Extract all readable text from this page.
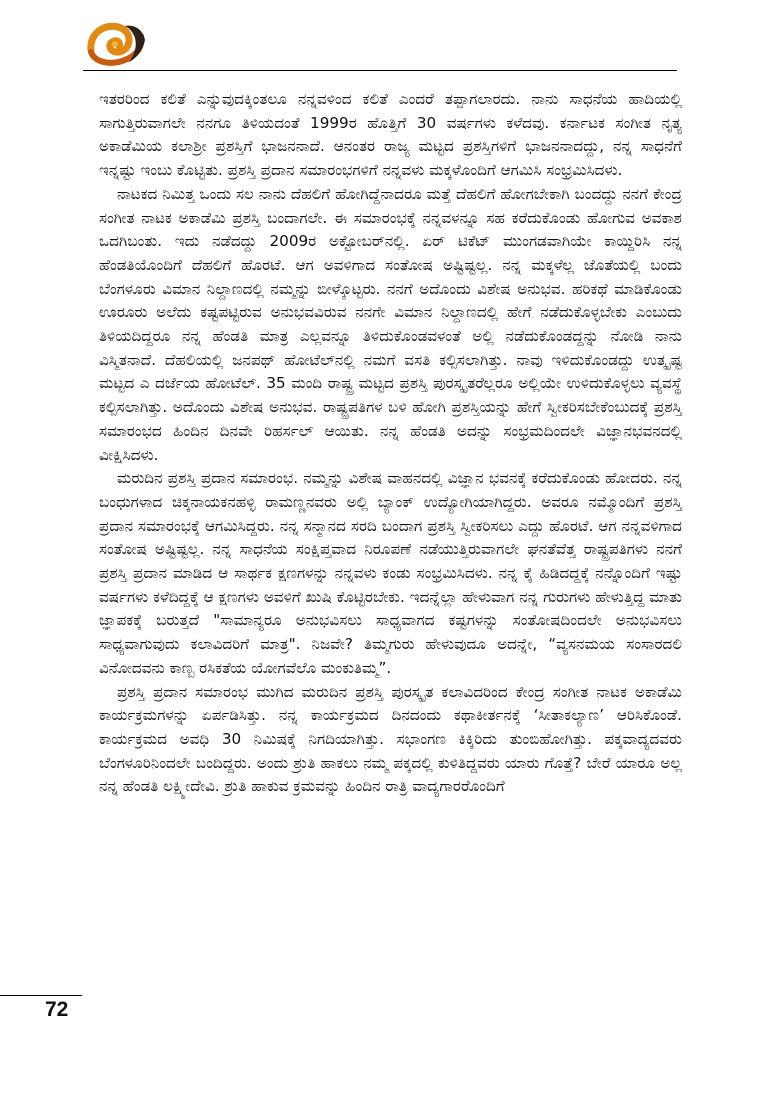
ಇತರರಿಂದ ಕಲಿತೆ ಎನ್ನುವುದಕ್ಕಿಂತಲೂ ನನ್ನವಳಿಂದ ಕಲಿತೆ ಎಂದರೆ ತಪ್ಪಾಗಲಾರದು. ನಾನು ಸಾಧನೆಯ ಹಾದಿಯಲ್ಲಿ ಸಾಗುತ್ತಿರುವಾಗಲೇ ನನಗೂ ತಿಳಿಯದಂತೆ 1999ರ ಹೊತ್ತಿಗೆ 30 ವರ್ಷಗಳು ಕಳೆದವು. ಕರ್ನಾಟಕ ಸಂಗೀತ ನೃತ್ಯ ಅಕಾಡೆಮಿಯ ಕಲಾಶ್ರೀ ಪ್ರಶಸ್ತಿಗೆ ಭಾಜನನಾದೆ. ಆನಂತರ ರಾಜ್ಯ ಮಟ್ಟದ ಪ್ರಶಸ್ತಿಗಳಿಗೆ ಭಾಜನನಾದದ್ದು, ನನ್ನ ಸಾಧನೆಗೆ ಇನ್ನಷ್ಟು ಇಂಬು ಕೊಟ್ಟಿತು. ಪ್ರಶಸ್ತಿ ಪ್ರದಾನ ಸಮಾರಂಭಗಳಿಗೆ ನನ್ನವಳು ಮಕ್ಕಳೊಂದಿಗೆ ಆಗಮಿಸಿ ಸಂಭ್ರಮಿಸಿದಳು.

ನಾಟಕದ ನಿಮಿತ್ತ ಒಂದು ಸಲ ನಾನು ದೆಹಲಿಗೆ ಹೋಗಿದ್ದೆನಾದರೂ ಮತ್ತೆ ದೆಹಲಿಗೆ ಹೋಗಬೇಕಾಗಿ ಬಂದದ್ದು ನನಗೆ ಕೇಂದ್ರ ಸಂಗೀತ ನಾಟಕ ಅಕಾಡೆಮಿ ಪ್ರಶಸ್ತಿ ಬಂದಾಗಲೇ. ಈ ಸಮಾರಂಭಕ್ಕೆ ನನ್ನವಳನ್ನೂ ಸಹ ಕರೆದುಕೊಂಡು ಹೋಗುವ ಅವಕಾಶ ಒದಗಿಬಂತು. ಇದು ನಡೆದದ್ದು 2009ರ ಅಕ್ಟೋಬರ್‌ನಲ್ಲಿ. ಏರ್ ಟಿಕೆಟ್ ಮುಂಗಡವಾಗಿಯೇ ಕಾಯ್ದಿರಿಸಿ ನನ್ನ ಹೆಂಡತಿಯೊಂದಿಗೆ ದೆಹಲಿಗೆ ಹೊರಟೆ. ಆಗ ಅವಳಿಗಾದ ಸಂತೋಷ ಅಷ್ಟಿಷ್ಟಲ್ಲ. ನನ್ನ ಮಕ್ಕಳೆಲ್ಲ ಜೊತೆಯಲ್ಲಿ ಬಂದು ಬೆಂಗಳೂರು ವಿಮಾನ ನಿಲ್ದಾಣದಲ್ಲಿ ನಮ್ಮನ್ನು ಬೀಳ್ಕೊಟ್ಟರು. ನನಗೆ ಅದೊಂದು ವಿಶೇಷ ಅನುಭವ. ಹರಿಕಥೆ ಮಾಡಿಕೊಂಡು ಊರೂರು ಅಲೆದು ಕಷ್ಟಪಟ್ಟಿರುವ ಅನುಭವವಿರುವ ನನಗೇ ವಿಮಾನ ನಿಲ್ದಾಣದಲ್ಲಿ ಹೇಗೆ ನಡೆದುಕೊಳ್ಳಬೇಕು ಎಂಬುದು ತಿಳಿಯದಿದ್ದರೂ ನನ್ನ ಹೆಂಡತಿ ಮಾತ್ರ ಎಲ್ಲವನ್ನೂ ತಿಳಿದುಕೊಂಡವಳಂತೆ ಅಲ್ಲಿ ನಡೆದುಕೊಂಡದ್ದನ್ನು ನೋಡಿ ನಾನು ವಿಸ್ಮಿತನಾದೆ. ದೆಹಲಿಯಲ್ಲಿ ಜನಪಥ್ ಹೋಟೆಲ್‌ನಲ್ಲಿ ನಮಗೆ ವಸತಿ ಕಲ್ಪಿಸಲಾಗಿತ್ತು. ನಾವು ಇಳಿದುಕೊಂಡದ್ದು ಉತ್ಕೃಷ್ಟ ಮಟ್ಟದ ಎ ದರ್ಜೆಯ ಹೋಟೆಲ್. 35 ಮಂದಿ ರಾಷ್ಟ್ರ ಮಟ್ಟದ ಪ್ರಶಸ್ತಿ ಪುರಸ್ಕೃತರೆಲ್ಲರೂ ಅಲ್ಲಿಯೇ ಉಳಿದುಕೊಳ್ಳಲು ವ್ಯವಸ್ಥೆ ಕಲ್ಪಿಸಲಾಗಿತ್ತು. ಅದೊಂದು ವಿಶೇಷ ಅನುಭವ. ರಾಷ್ಟ್ರಪತಿಗಳ ಬಳಿ ಹೋಗಿ ಪ್ರಶಸ್ತಿಯನ್ನು ಹೇಗೆ ಸ್ವೀಕರಿಸಬೇಕೆಂಬುದಕ್ಕೆ ಪ್ರಶಸ್ತಿ ಸಮಾರಂಭದ ಹಿಂದಿನ ದಿನವೇ ರಿಹರ್ಸಲ್ ಆಯಿತು. ನನ್ನ ಹೆಂಡತಿ ಅದನ್ನು ಸಂಭ್ರಮದಿಂದಲೇ ವಿಜ್ಞಾನಭವನದಲ್ಲಿ ವೀಕ್ಷಿಸಿದಳು.

ಮರುದಿನ ಪ್ರಶಸ್ತಿ ಪ್ರದಾನ ಸಮಾರಂಭ. ನಮ್ಮನ್ನು ವಿಶೇಷ ವಾಹನದಲ್ಲಿ ವಿಜ್ಞಾನ ಭವನಕ್ಕೆ ಕರೆದುಕೊಂಡು ಹೋದರು. ನನ್ನ ಬಂಧುಗಳಾದ ಚಿಕ್ಕನಾಯಕನಹಳ್ಳಿ ರಾಮಣ್ಣನವರು ಅಲ್ಲಿ ಬ್ಯಾಂಕ್ ಉದ್ಯೋಗಿಯಾಗಿದ್ದರು. ಅವರೂ ನಮ್ಮೊಂದಿಗೆ ಪ್ರಶಸ್ತಿ ಪ್ರದಾನ ಸಮಾರಂಭಕ್ಕೆ ಆಗಮಿಸಿದ್ದರು. ನನ್ನ ಸನ್ಮಾನದ ಸರದಿ ಬಂದಾಗ ಪ್ರಶಸ್ತಿ ಸ್ವೀಕರಿಸಲು ಎದ್ದು ಹೊರಟೆ. ಆಗ ನನ್ನವಳಿಗಾದ ಸಂತೋಷ ಅಷ್ಟಿಷ್ಟಲ್ಲ. ನನ್ನ ಸಾಧನೆಯ ಸಂಕ್ಷಿಪ್ತವಾದ ನಿರೂಪಣೆ ನಡೆಯುತ್ತಿರುವಾಗಲೇ ಘನತೆವೆತ್ತ ರಾಷ್ಟ್ರಪತಿಗಳು ನನಗೆ ಪ್ರಶಸ್ತಿ ಪ್ರದಾನ ಮಾಡಿದ ಆ ಸಾರ್ಥಕ ಕ್ಷಣಗಳನ್ನು ನನ್ನವಳು ಕಂಡು ಸಂಭ್ರಮಿಸಿದಳು. ನನ್ನ ಕೈ ಹಿಡಿದದ್ದಕ್ಕೆ ನನ್ನೊಂದಿಗೆ ಇಷ್ಟು ವರ್ಷಗಳು ಕಳೆದಿದ್ದಕ್ಕೆ ಆ ಕ್ಷಣಗಳು ಅವಳಿಗೆ ಖುಷಿ ಕೊಟ್ಟಿರಬೇಕು. ಇದನ್ನೆಲ್ಲಾ ಹೇಳುವಾಗ ನನ್ನ ಗುರುಗಳು ಹೇಳುತ್ತಿದ್ದ ಮಾತು ಜ್ಞಾಪಕಕ್ಕೆ ಬರುತ್ತದೆ "ಸಾಮಾನ್ಯರೂ ಅನುಭವಿಸಲು ಸಾಧ್ಯವಾಗದ ಕಷ್ಟಗಳನ್ನು ಸಂತೋಷದಿಂದಲೇ ಅನುಭವಿಸಲು ಸಾಧ್ಯವಾಗುವುದು ಕಲಾವಿದರಿಗೆ ಮಾತ್ರ". ನಿಜವೇ? ತಿಮ್ಮಗುರು ಹೇಳುವುದೂ ಅದನ್ನೇ, “ವ್ಯಸನಮಯ ಸಂಸಾರದಲಿ ವಿನೋದವನು ಕಾಣ್ಬ ರಸಿಕತೆಯ ಯೋಗವೆಲೊ ಮಂಕುತಿಮ್ಮ”.

ಪ್ರಶಸ್ತಿ ಪ್ರದಾನ ಸಮಾರಂಭ ಮುಗಿದ ಮರುದಿನ ಪ್ರಶಸ್ತಿ ಪುರಸ್ಕೃತ ಕಲಾವಿದರಿಂದ ಕೇಂದ್ರ ಸಂಗೀತ ನಾಟಕ ಅಕಾಡೆಮಿ ಕಾರ್ಯಕ್ರಮಗಳನ್ನು ಏರ್ಪಡಿಸಿತ್ತು. ನನ್ನ ಕಾರ್ಯಕ್ರಮದ ದಿನದಂದು ಕಥಾಕೀರ್ತನಕ್ಕೆ ‘ಸೀತಾಕಲ್ಯಾಣ’ ಆರಿಸಿಕೊಂಡೆ. ಕಾರ್ಯಕ್ರಮದ ಅವಧಿ 30 ನಿಮಿಷಕ್ಕೆ ನಿಗದಿಯಾಗಿತ್ತು. ಸಭಾಂಗಣ ಕಿಕ್ಕಿರಿದು ತುಂಬಿಹೋಗಿತ್ತು. ಪಕ್ಕವಾದ್ಯದವರು ಬೆಂಗಳೂರಿನಿಂದಲೇ ಬಂದಿದ್ದರು. ಅಂದು ಶ್ರುತಿ ಹಾಕಲು ನಮ್ಮ ಪಕ್ಕದಲ್ಲಿ ಕುಳಿತಿದ್ದವರು ಯಾರು ಗೊತ್ತೆ? ಬೇರೆ ಯಾರೂ ಅಲ್ಲ ನನ್ನ ಹೆಂಡತಿ ಲಕ್ಷ್ಮೀದೇವಿ. ಶ್ರುತಿ ಹಾಕುವ ಕ್ರಮವನ್ನು ಹಿಂದಿನ ರಾತ್ರಿ ವಾದ್ಯಗಾರರೊಂದಿಗೆ

72
